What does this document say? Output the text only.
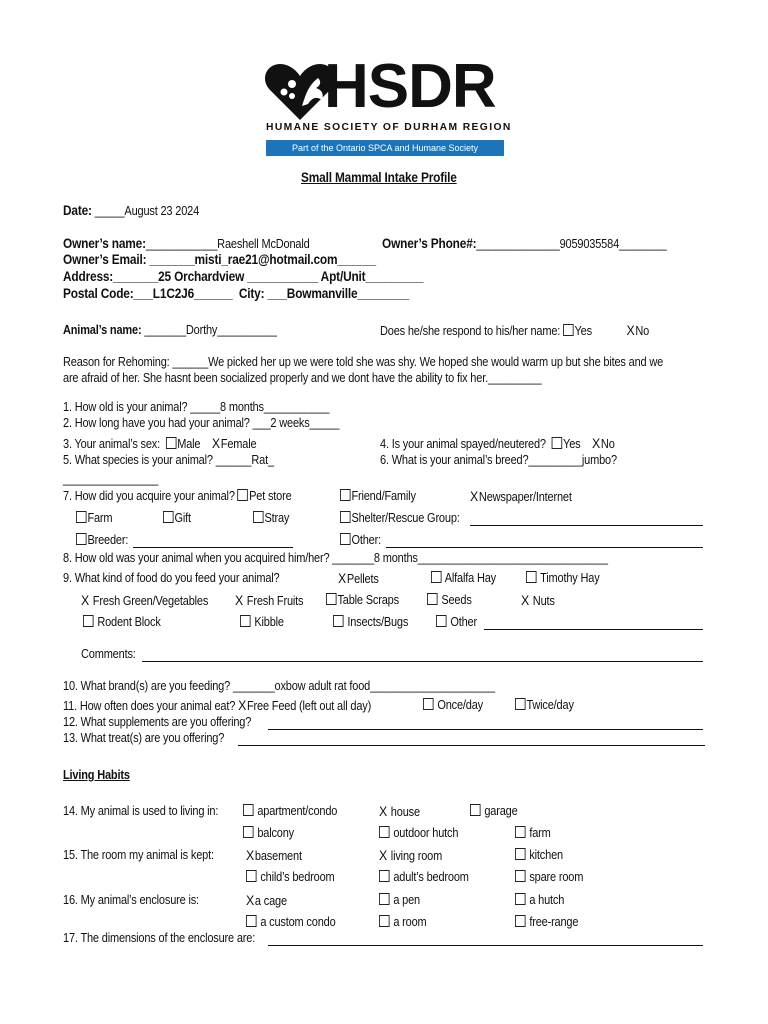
HSDR
HUMANE SOCIETY OF DURHAM REGION
Part of the Ontario SPCA and Humane Society
Small Mammal Intake Profile
Date: _____August 23 2024
Owner’s name:____________Raeshell McDonald	Owner’s Phone#:______________9059035584________
Owner’s Email: _______misti_rae21@hotmail.com______
Address:_______25 Orchardview ___________ Apt/Unit_________
Postal Code:___L1C2J6______  City: ___Bowmanville________
Animal’s name: _______Dorthy__________	Does he/she respond to his/her name: Yes XNo
Reason for Rehoming: ______We picked her up we were told she was shy. We hoped she would warm up but she bites and we
are afraid of her. She hasnt been socialized properly and we dont have the ability to fix her._________
1. How old is your animal? _____8 months___________
2. How long have you had your animal? ___2 weeks_____
3. Your animal’s sex: Male XFemale	4. Is your animal spayed/neutered? Yes XNo
5. What species is your animal? ______Rat_	6. What is your animal’s breed?_________jumbo?
________________
7. How did you acquire your animal? Pet store	Friend/Family	XNewspaper/Internet
Farm	Gift	Stray	Shelter/Rescue Group:
Breeder:	Other:
8. How old was your animal when you acquired him/her? _______8 months________________________________
9. What kind of food do you feed your animal?	XPellets	Alfalfa Hay	Timothy Hay
X Fresh Green/Vegetables X Fresh Fruits	Table Scraps	Seeds	X Nuts
Rodent Block	Kibble	Insects/Bugs	Other
Comments:
10. What brand(s) are you feeding? _______oxbow adult rat food_____________________
11. How often does your animal eat? XFree Feed (left out all day)	Once/day	Twice/day
12. What supplements are you offering?
13. What treat(s) are you offering?
Living Habits
14. My animal is used to living in:	apartment/condo	X house	garage
balcony	outdoor hutch	farm
15. The room my animal is kept: Xbasement	X living room	kitchen
child’s bedroom	adult’s bedroom	spare room
16. My animal’s enclosure is:	Xa cage	a pen	a hutch
a custom condo	a room	free-range
17. The dimensions of the enclosure are:
